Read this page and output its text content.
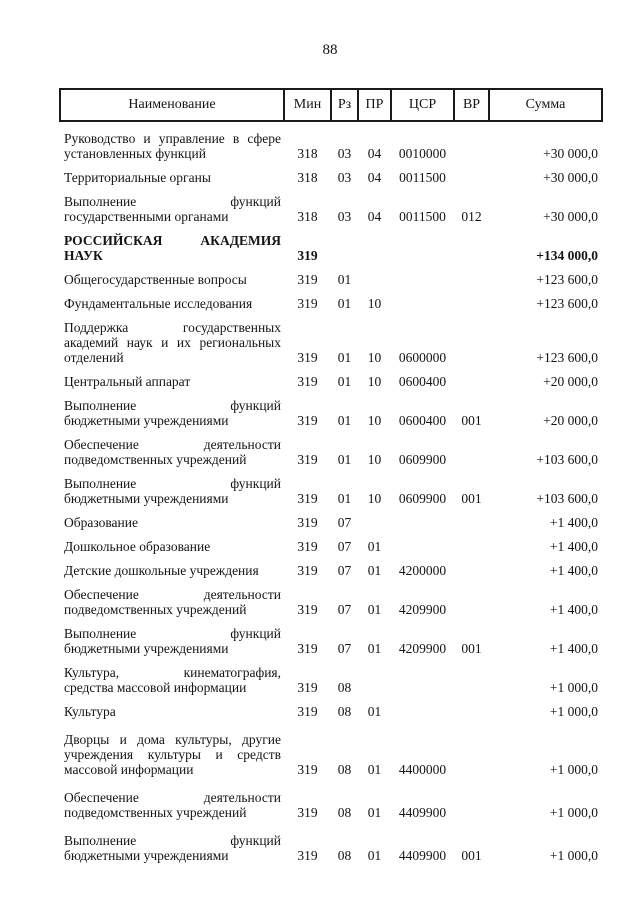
88
Наименование	Мин	Рз	ПР	ЦСР	ВР	Сумма

Руководство и управление в сфере
установленных функций	318	03	04	0010000		+30 000,0

Территориальные органы	318	03	04	0011500		+30 000,0

Выполнение функций
государственными органами	318	03	04	0011500	012	+30 000,0

РОССИЙСКАЯ АКАДЕМИЯ
НАУК	319					+134 000,0

Общегосударственные вопросы	319	01				+123 600,0

Фундаментальные исследования	319	01	10			+123 600,0

Поддержка государственных
академий наук и их региональных
отделений	319	01	10	0600000		+123 600,0

Центральный аппарат	319	01	10	0600400		+20 000,0

Выполнение функций
бюджетными учреждениями	319	01	10	0600400	001	+20 000,0

Обеспечение деятельности
подведомственных учреждений	319	01	10	0609900		+103 600,0

Выполнение функций
бюджетными учреждениями	319	01	10	0609900	001	+103 600,0

Образование	319	07				+1 400,0

Дошкольное образование	319	07	01			+1 400,0

Детские дошкольные учреждения	319	07	01	4200000		+1 400,0

Обеспечение деятельности
подведомственных учреждений	319	07	01	4209900		+1 400,0

Выполнение функций
бюджетными учреждениями	319	07	01	4209900	001	+1 400,0

Культура, кинематография,
средства массовой информации	319	08				+1 000,0

Культура	319	08	01			+1 000,0

Дворцы и дома культуры, другие
учреждения культуры и средств
массовой информации	319	08	01	4400000		+1 000,0

Обеспечение деятельности
подведомственных учреждений	319	08	01	4409900		+1 000,0

Выполнение функций
бюджетными учреждениями	319	08	01	4409900	001	+1 000,0
